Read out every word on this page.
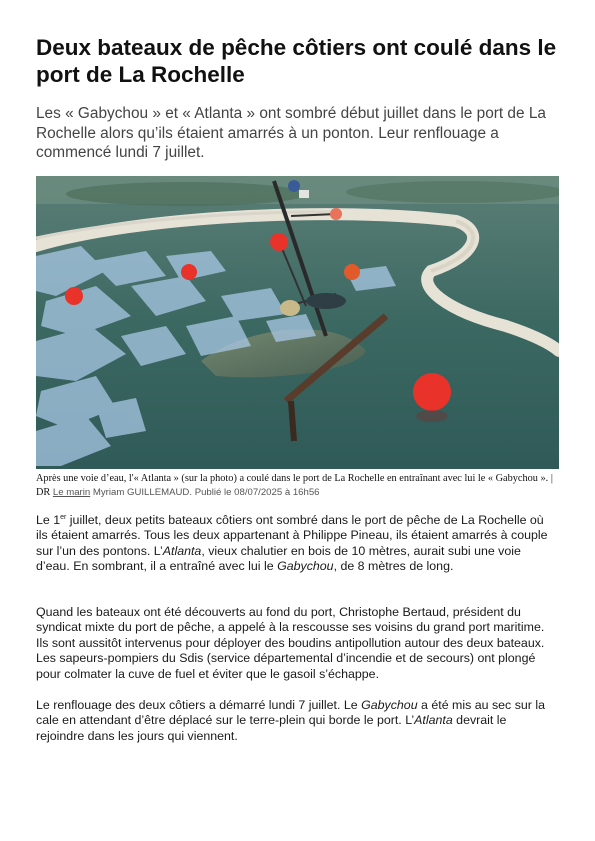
Deux bateaux de pêche côtiers ont coulé dans le port de La Rochelle

Les « Gabychou » et « Atlanta » ont sombré début juillet dans le port de La Rochelle alors qu’ils étaient amarrés à un ponton. Leur renflouage a commencé lundi 7 juillet.

Après une voie d’eau, l'« Atlanta » (sur la photo) a coulé dans le port de La Rochelle en entraînant avec lui le « Gabychou ». | DR Le marin Myriam GUILLEMAUD. Publié le 08/07/2025 à 16h56

Le 1er juillet, deux petits bateaux côtiers ont sombré dans le port de pêche de La Rochelle où ils étaient amarrés. Tous les deux appartenant à Philippe Pineau, ils étaient amarrés à couple sur l’un des pontons. L’Atlanta, vieux chalutier en bois de 10 mètres, aurait subi une voie d’eau. En sombrant, il a entraîné avec lui le Gabychou, de 8 mètres de long.

Quand les bateaux ont été découverts au fond du port, Christophe Bertaud, président du syndicat mixte du port de pêche, a appelé à la rescousse ses voisins du grand port maritime. Ils sont aussitôt intervenus pour déployer des boudins antipollution autour des deux bateaux. Les sapeurs-pompiers du Sdis (service départemental d’incendie et de secours) ont plongé pour colmater la cuve de fuel et éviter que le gasoil s’échappe.

Le renflouage des deux côtiers a démarré lundi 7 juillet. Le Gabychou a été mis au sec sur la cale en attendant d’être déplacé sur le terre-plein qui borde le port. L’Atlanta devrait le rejoindre dans les jours qui viennent.
